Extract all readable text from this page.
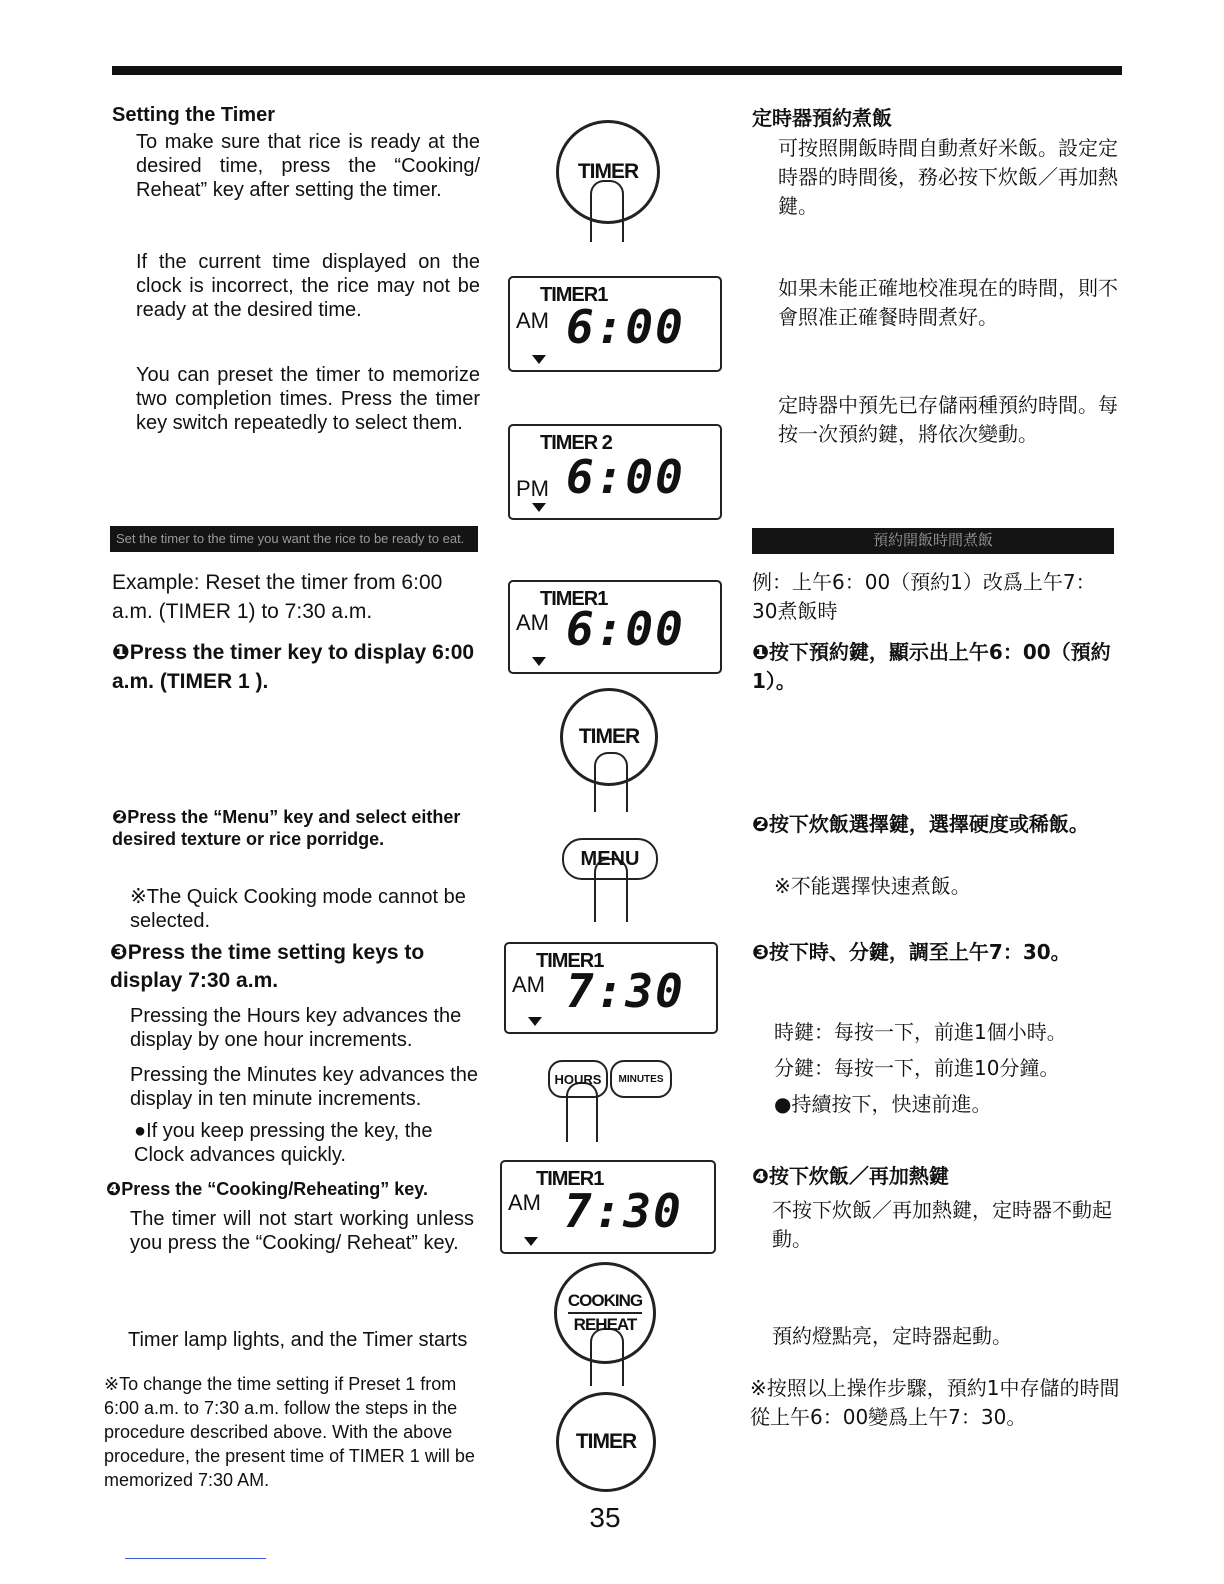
Setting the Timer
To make sure that rice is ready at the desired time, press the “Cooking/ Reheat” key after setting the timer.
If the current time displayed on the clock is incorrect, the rice may not be ready at the desired time.
You can preset the timer to memorize two completion times. Press the timer key switch repeatedly to select them.
Set the timer to the time you want the rice to be ready to eat.
Example: Reset the timer from 6:00 a.m. (TIMER 1) to 7:30 a.m.
❶Press the timer key to display 6:00 a.m. (TIMER 1 ).
❷Press the “Menu” key and select either desired texture or rice porridge.
※The Quick Cooking mode cannot be selected.
❸Press the time setting keys to display 7:30 a.m.
Pressing the Hours key advances the display by one hour increments.
Pressing the Minutes key advances the display in ten minute increments.
●If you keep pressing the key, the Clock advances quickly.
❹Press the “Cooking/Reheating” key.
The timer will not start working unless you press the “Cooking/ Reheat” key.
Timer lamp lights, and the Timer starts
※To change the time setting if Preset 1 from 6:00 a.m. to 7:30 a.m. follow the steps in the procedure described above. With the above procedure, the present time of TIMER 1 will be memorized 7:30 AM.
TIMER
TIMER1
AM 6:00
TIMER 2
PM 6:00
TIMER1
AM 6:00
TIMER
MENU
TIMER1
AM 7:30
HOURS MINUTES
TIMER1
AM 7:30
COOKING
REHEAT
TIMER
定時器預約煮飯
可按照開飯時間自動煮好米飯。設定定時器的時間後，務必按下炊飯／再加熱鍵。
如果未能正確地校准現在的時間，則不會照准正確餐時間煮好。
定時器中預先已存儲兩種預約時間。每按一次預約鍵，將依次變動。
預約開飯時間煮飯
例：上午6：00（預約1）改爲上午7：30煮飯時
❶按下預約鍵，顯示出上午6：00（預約1）。
❷按下炊飯選擇鍵，選擇硬度或稀飯。
※不能選擇快速煮飯。
❸按下時、分鍵，調至上午7：30。
時鍵：每按一下，前進1個小時。
分鍵：每按一下，前進10分鐘。
●持續按下，快速前進。
❹按下炊飯／再加熱鍵
不按下炊飯／再加熱鍵，定時器不動起動。
預約燈點亮，定時器起動。
※按照以上操作步驟，預約1中存儲的時間從上午6：00變爲上午7：30。
35
